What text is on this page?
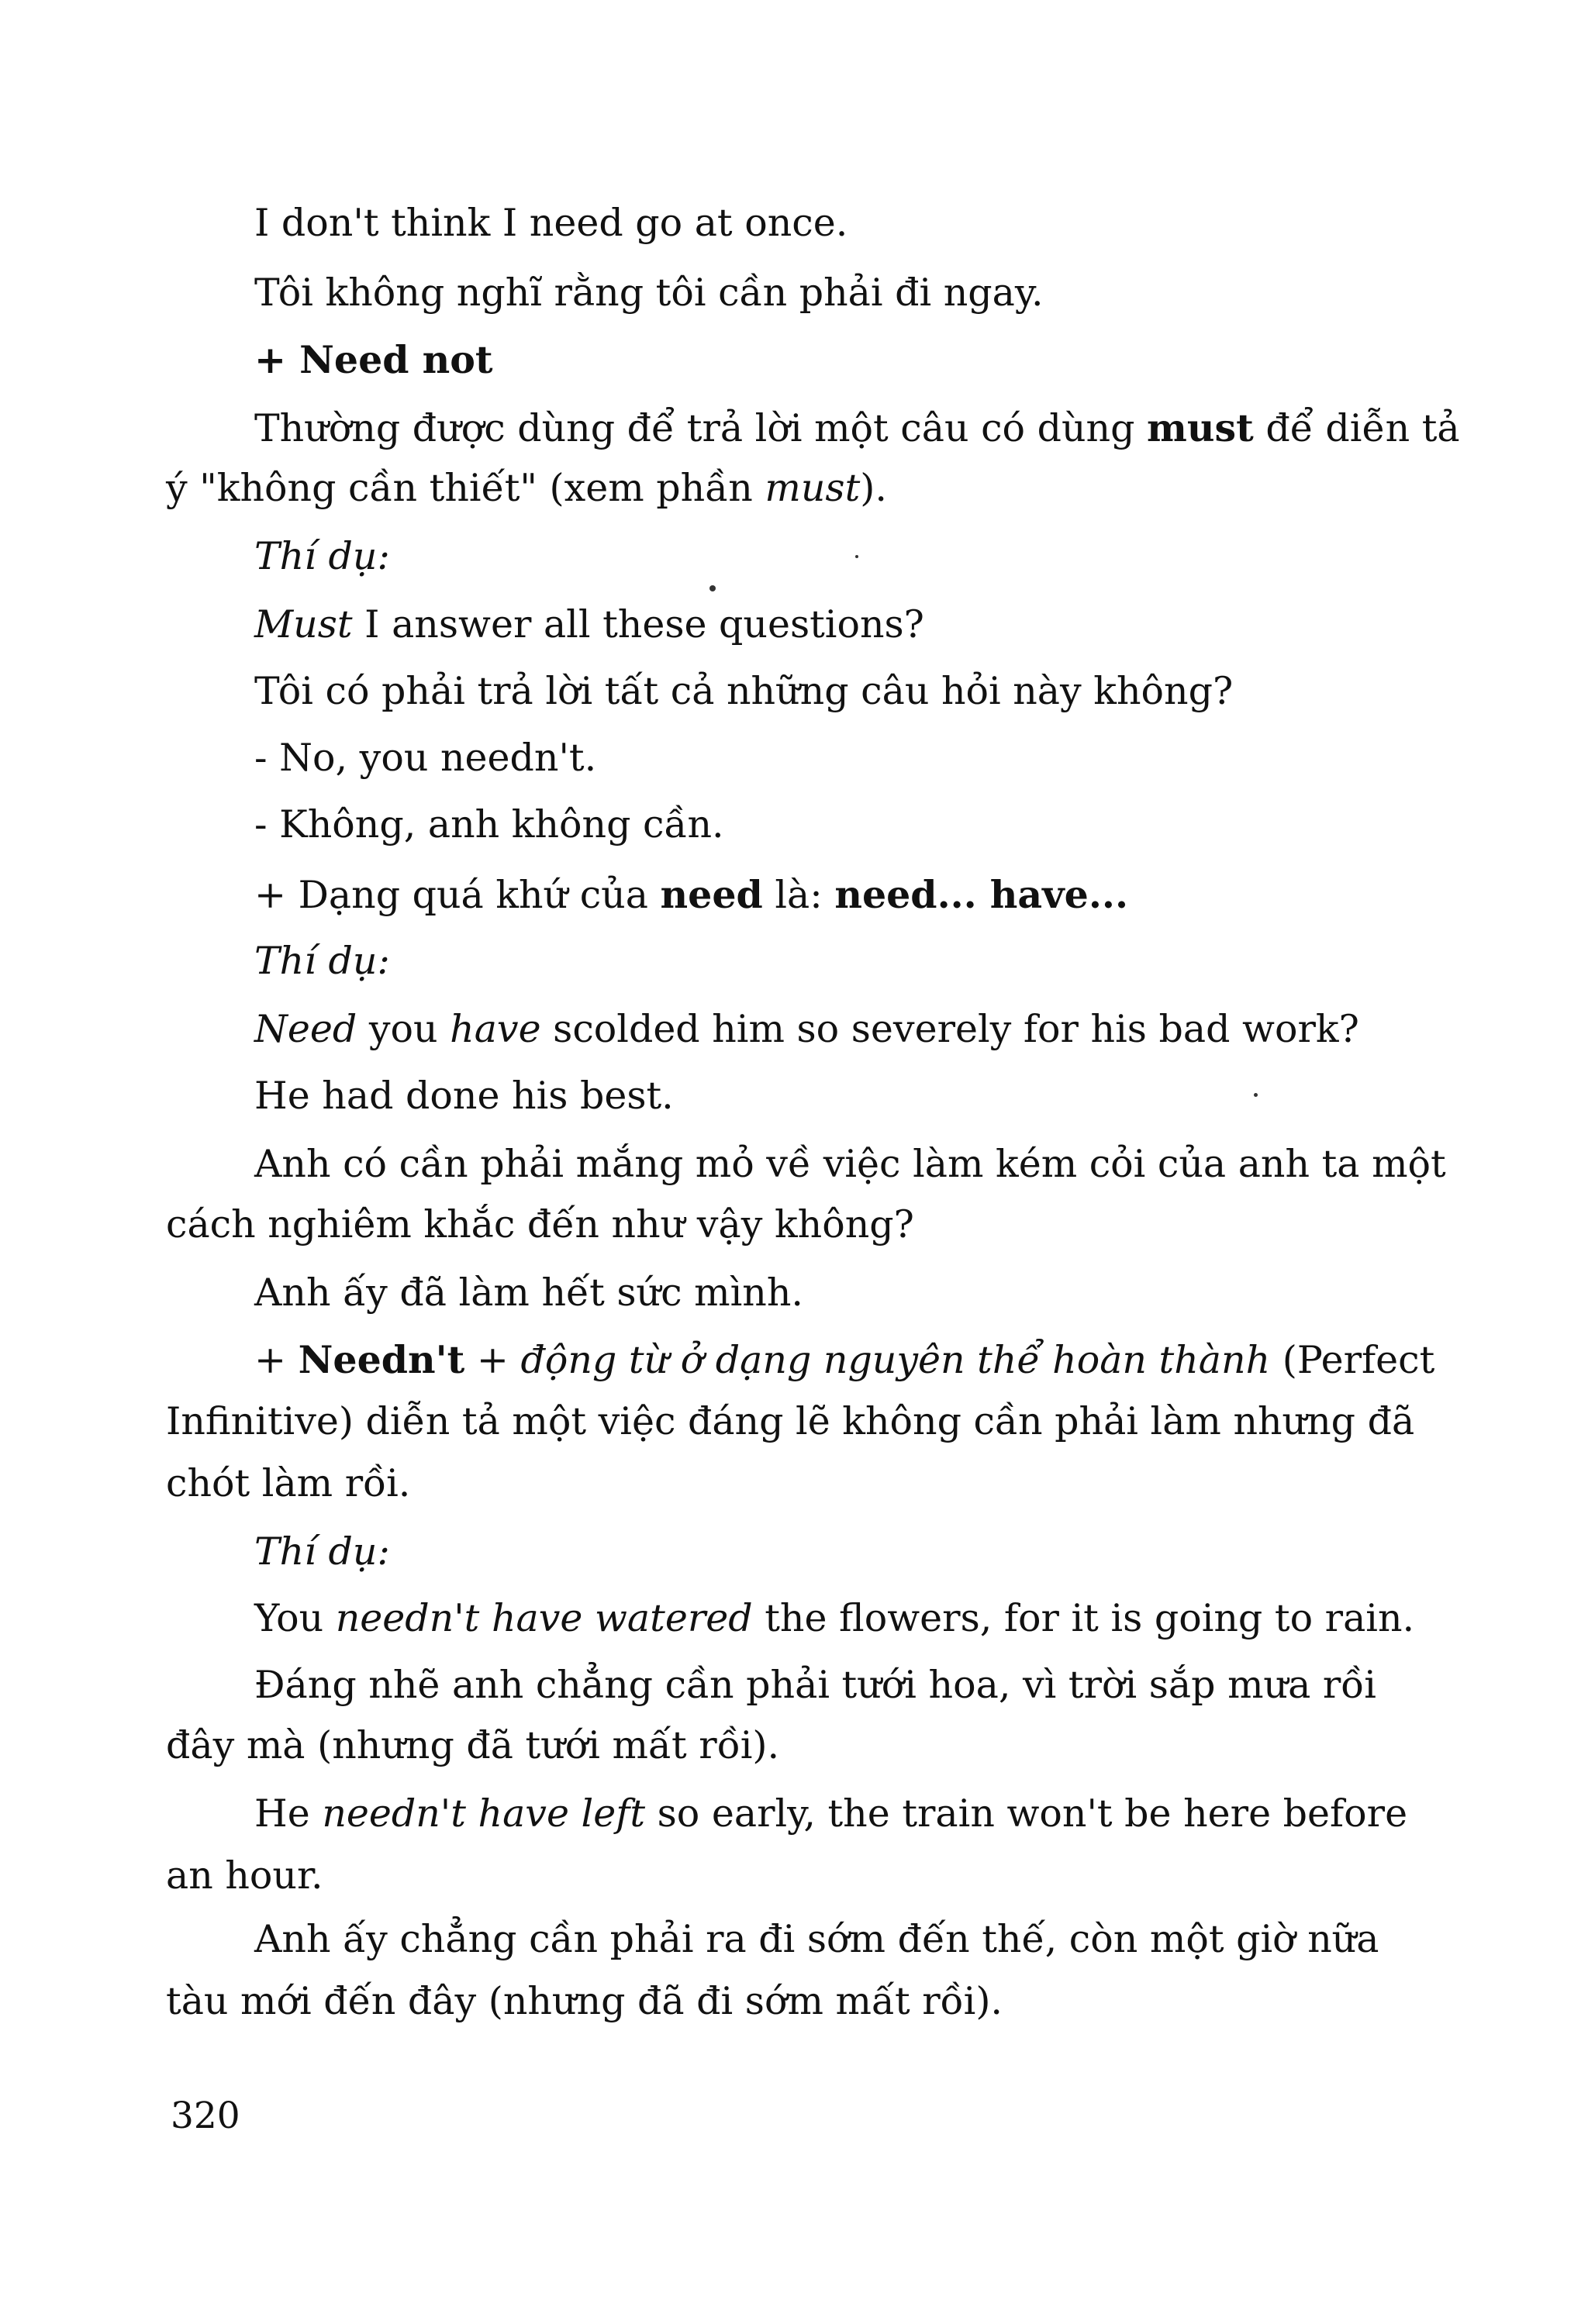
I don't think I need go at once.
Tôi không nghĩ rằng tôi cần phải đi ngay.
+ Need not
Thường được dùng để trả lời một câu có dùng must để diễn tả
ý "không cần thiết" (xem phần must).
Thí dụ:
Must I answer all these questions?
Tôi có phải trả lời tất cả những câu hỏi này không?
- No, you needn't.
- Không, anh không cần.
+ Dạng quá khứ của need là: need... have...
Thí dụ:
Need you have scolded him so severely for his bad work?
He had done his best.
Anh có cần phải mắng mỏ về việc làm kém cỏi của anh ta một
cách nghiêm khắc đến như vậy không?
Anh ấy đã làm hết sức mình.
+ Needn't + động từ ở dạng nguyên thể hoàn thành (Perfect
Infinitive) diễn tả một việc đáng lẽ không cần phải làm nhưng đã
chót làm rồi.
Thí dụ:
You needn't have watered the flowers, for it is going to rain.
Đáng nhẽ anh chẳng cần phải tưới hoa, vì trời sắp mưa rồi
đây mà (nhưng đã tưới mất rồi).
He needn't have left so early, the train won't be here before
an hour.
Anh ấy chẳng cần phải ra đi sớm đến thế, còn một giờ nữa
tàu mới đến đây (nhưng đã đi sớm mất rồi).
320
